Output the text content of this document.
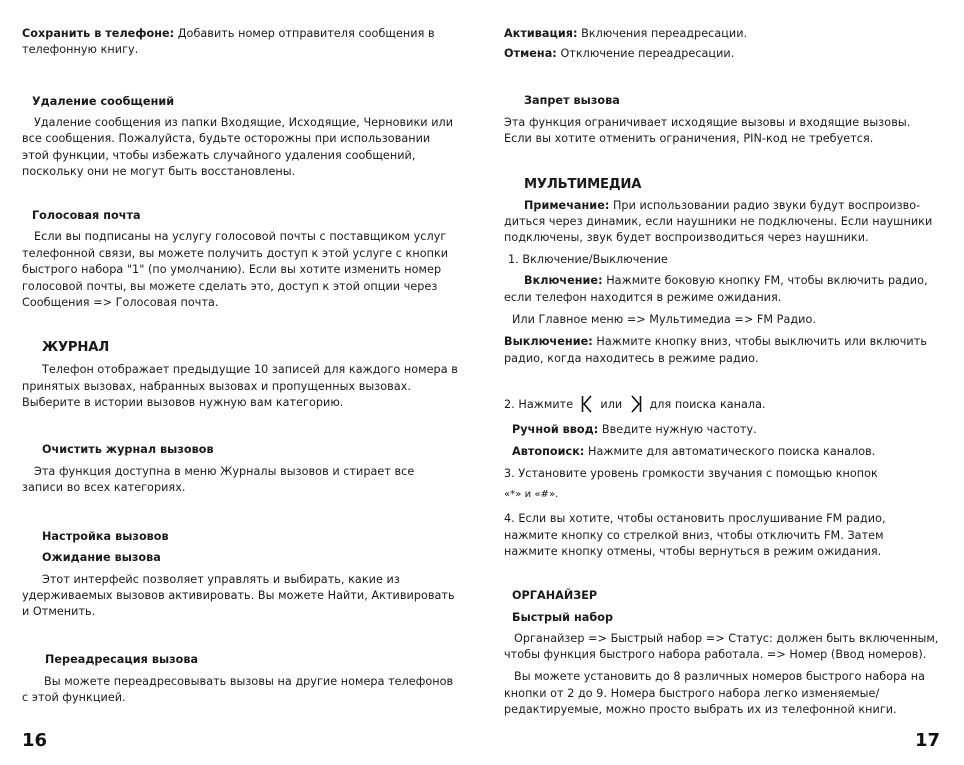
Сохранить в телефоне: Добавить номер отправителя сообщения в телефонную книгу.

Удаление сообщений

Удаление сообщения из папки Входящие, Исходящие, Черновики или все сообщения. Пожалуйста, будьте осторожны при использовании этой функции, чтобы избежать случайного удаления сообщений, поскольку они не могут быть восстановлены.

Голосовая почта

Если вы подписаны на услугу голосовой почты с поставщиком услуг телефонной связи, вы можете получить доступ к этой услуге с кнопки быстрого набора "1" (по умолчанию). Если вы хотите изменить номер голосовой почты, вы можете сделать это, доступ к этой опции через Сообщения => Голосовая почта.

ЖУРНАЛ

Телефон отображает предыдущие 10 записей для каждого номера в принятых вызовах, набранных вызовах и пропущенных вызовах. Выберите в истории вызовов нужную вам категорию.

Очистить журнал вызовов

Эта функция доступна в меню Журналы вызовов и стирает все записи во всех категориях.

Настройка вызовов

Ожидание вызова

Этот интерфейс позволяет управлять и выбирать, какие из удерживаемых вызовов активировать. Вы можете Найти, Активировать и Отменить.

Переадресация вызова

Вы можете переадресовывать вызовы на другие номера телефонов с этой функцией.

16

Активация: Включения переадресации.

Отмена: Отключение переадресации.

Запрет вызова

Эта функция ограничивает исходящие вызовы и входящие вызовы. Если вы хотите отменить ограничения, PIN-код не требуется.

МУЛЬТИМЕДИА

Примечание: При использовании радио звуки будут воспроизво-диться через динамик, если наушники не подключены. Если наушники подключены, звук будет воспроизводиться через наушники.

1. Включение/Выключение

Включение: Нажмите боковую кнопку FM, чтобы включить радио, если телефон находится в режиме ожидания.

Или Главное меню => Мультимедиа => FM Радио.

Выключение: Нажмите кнопку вниз, чтобы выключить или включить радио, когда находитесь в режиме радио.

2. Нажмите или для поиска канала.

Ручной ввод: Введите нужную частоту.

Автопоиск: Нажмите для автоматического поиска каналов.

3. Установите уровень громкости звучания с помощью кнопок

«*» и «#».

4. Если вы хотите, чтобы остановить прослушивание FM радио, нажмите кнопку со стрелкой вниз, чтобы отключить FM. Затем нажмите кнопку отмены, чтобы вернуться в режим ожидания.

ОРГАНАЙЗЕР

Быстрый набор

Органайзер => Быстрый набор => Статус: должен быть включенным, чтобы функция быстрого набора работала. => Номер (Ввод номеров).

Вы можете установить до 8 различных номеров быстрого набора на кнопки от 2 до 9. Номера быстрого набора легко изменяемые/редактируемые, можно просто выбрать их из телефонной книги.

17
